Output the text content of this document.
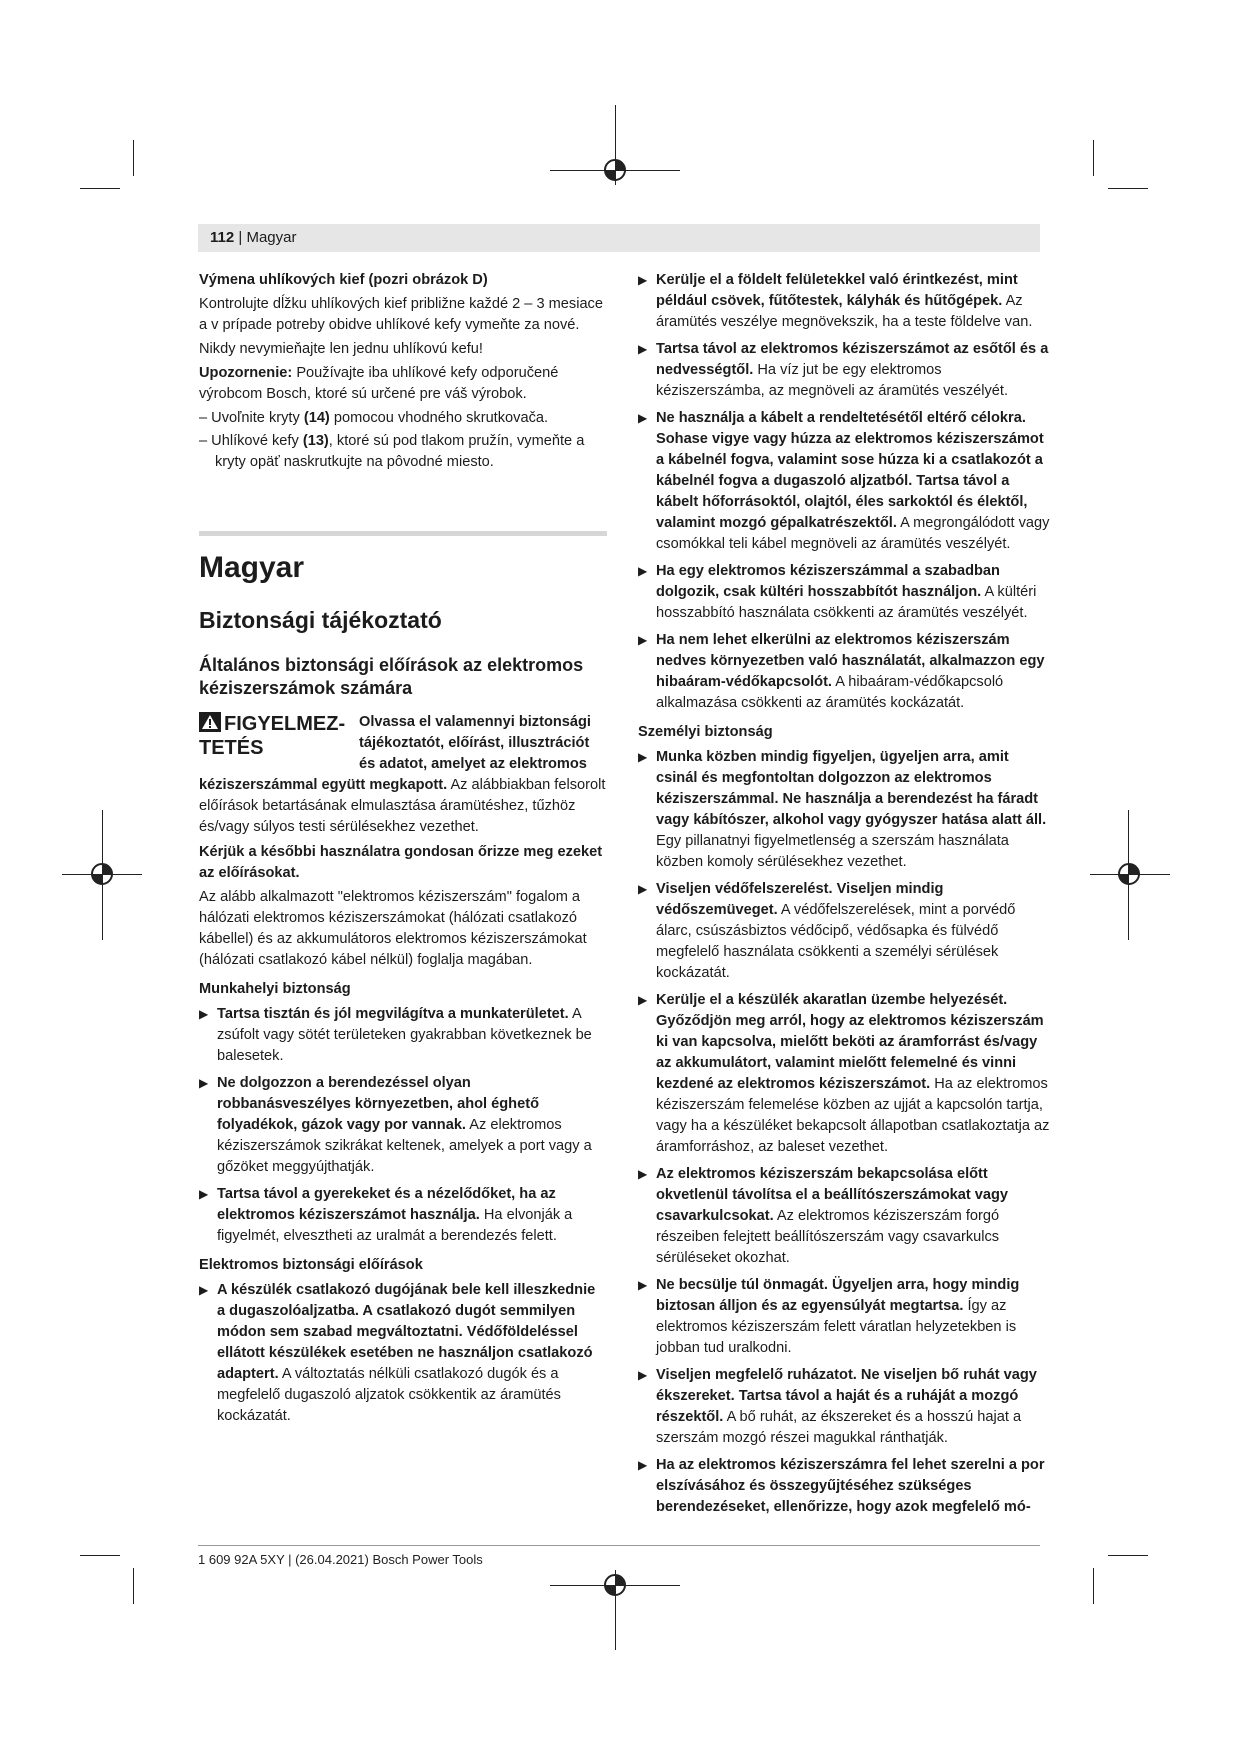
112 | Magyar

Výmena uhlíkových kief (pozri obrázok D)

Kontrolujte dĺžku uhlíkových kief približne každé 2 – 3 mesiace a v prípade potreby obidve uhlíkové kefy vymeňte za nové.

Nikdy nevymieňajte len jednu uhlíkovú kefu!

Upozornenie: Používajte iba uhlíkové kefy odporučené výrobcom Bosch, ktoré sú určené pre váš výrobok.

– Uvoľnite kryty (14) pomocou vhodného skrutkovača.

– Uhlíkové kefy (13), ktoré sú pod tlakom pružín, vymeňte a kryty opäť naskrutkujte na pôvodné miesto.

Magyar
Biztonsági tájékoztató
Általános biztonsági előírások az elektromos kéziszerszámok számára
FIGYELMEZ-TETÉS

Olvassa el valamennyi biztonsági tájékoztatót, előírást, illusztrációt és adatot, amelyet az elektromos kéziszerszámmal együtt megkapott. Az alábbiakban felsorolt előírások betartásának elmulasztása áramütéshez, tűzhöz és/vagy súlyos testi sérülésekhez vezethet.

Kérjük a későbbi használatra gondosan őrizze meg ezeket az előírásokat.

Az alább alkalmazott "elektromos kéziszerszám" fogalom a hálózati elektromos kéziszerszámokat (hálózati csatlakozó kábellel) és az akkumulátoros elektromos kéziszerszámokat (hálózati csatlakozó kábel nélkül) foglalja magában.

Munkahelyi biztonság

▶ Tartsa tisztán és jól megvilágítva a munkaterületet. A zsúfolt vagy sötét területeken gyakrabban következnek be balesetek.

▶ Ne dolgozzon a berendezéssel olyan robbanásveszélyes környezetben, ahol éghető folyadékok, gázok vagy por vannak. Az elektromos kéziszerszámok szikrákat keltenek, amelyek a port vagy a gőzöket meggyújthatják.

▶ Tartsa távol a gyerekeket és a nézelődőket, ha az elektromos kéziszerszámot használja. Ha elvonják a figyelmét, elvesztheti az uralmát a berendezés felett.

Elektromos biztonsági előírások

▶ A készülék csatlakozó dugójának bele kell illeszkednie a dugaszolóaljzatba. A csatlakozó dugót semmilyen módon sem szabad megváltoztatni. Védőföldeléssel ellátott készülékek esetében ne használjon csatlakozó adaptert. A változtatás nélküli csatlakozó dugók és a megfelelő dugaszoló aljzatok csökkentik az áramütés kockázatát.

▶ Kerülje el a földelt felületekkel való érintkezést, mint például csövek, fűtőtestek, kályhák és hűtőgépek. Az áramütés veszélye megnövekszik, ha a teste földelve van.

▶ Tartsa távol az elektromos kéziszerszámot az esőtől és a nedvességtől. Ha víz jut be egy elektromos kéziszerszámba, az megnöveli az áramütés veszélyét.

▶ Ne használja a kábelt a rendeltetésétől eltérő célokra. Sohase vigye vagy húzza az elektromos kéziszerszámot a kábelnél fogva, valamint sose húzza ki a csatlakozót a kábelnél fogva a dugaszoló aljzatból. Tartsa távol a kábelt hőforrásoktól, olajtól, éles sarkoktól és élektől, valamint mozgó gépalkatrészektől. A megrongálódott vagy csomókkal teli kábel megnöveli az áramütés veszélyét.

▶ Ha egy elektromos kéziszerszámmal a szabadban dolgozik, csak kültéri hosszabbítót használjon. A kültéri hosszabbító használata csökkenti az áramütés veszélyét.

▶ Ha nem lehet elkerülni az elektromos kéziszerszám nedves környezetben való használatát, alkalmazzon egy hibaáram-védőkapcsolót. A hibaáram-védőkapcsoló alkalmazása csökkenti az áramütés kockázatát.

Személyi biztonság

▶ Munka közben mindig figyeljen, ügyeljen arra, amit csinál és megfontoltan dolgozzon az elektromos kéziszerszámmal. Ne használja a berendezést ha fáradt vagy kábítószer, alkohol vagy gyógyszer hatása alatt áll. Egy pillanatnyi figyelmetlenség a szerszám használata közben komoly sérülésekhez vezethet.

▶ Viseljen védőfelszerelést. Viseljen mindig védőszemüveget. A védőfelszerelések, mint a porvédő álarc, csúszásbiztos védőcipő, védősapka és fülvédő megfelelő használata csökkenti a személyi sérülések kockázatát.

▶ Kerülje el a készülék akaratlan üzembe helyezését. Győződjön meg arról, hogy az elektromos kéziszerszám ki van kapcsolva, mielőtt beköti az áramforrást és/vagy az akkumulátort, valamint mielőtt felemelné és vinni kezdené az elektromos kéziszerszámot. Ha az elektromos kéziszerszám felemelése közben az ujját a kapcsolón tartja, vagy ha a készüléket bekapcsolt állapotban csatlakoztatja az áramforráshoz, az baleset vezethet.

▶ Az elektromos kéziszerszám bekapcsolása előtt okvetlenül távolítsa el a beállítószerszámokat vagy csavarkulcsokat. Az elektromos kéziszerszám forgó részeiben felejtett beállítószerszám vagy csavarkulcs sérüléseket okozhat.

▶ Ne becsülje túl önmagát. Ügyeljen arra, hogy mindig biztosan álljon és az egyensúlyát megtartsa. Így az elektromos kéziszerszám felett váratlan helyzetekben is jobban tud uralkodni.

▶ Viseljen megfelelő ruházatot. Ne viseljen bő ruhát vagy ékszereket. Tartsa távol a haját és a ruháját a mozgó részektől. A bő ruhát, az ékszereket és a hosszú hajat a szerszám mozgó részei magukkal ránthatják.

▶ Ha az elektromos kéziszerszámra fel lehet szerelni a por elszívásához és összegyűjtéséhez szükséges berendezéseket, ellenőrizze, hogy azok megfelelő mó-

1 609 92A 5XY | (26.04.2021) Bosch Power Tools
